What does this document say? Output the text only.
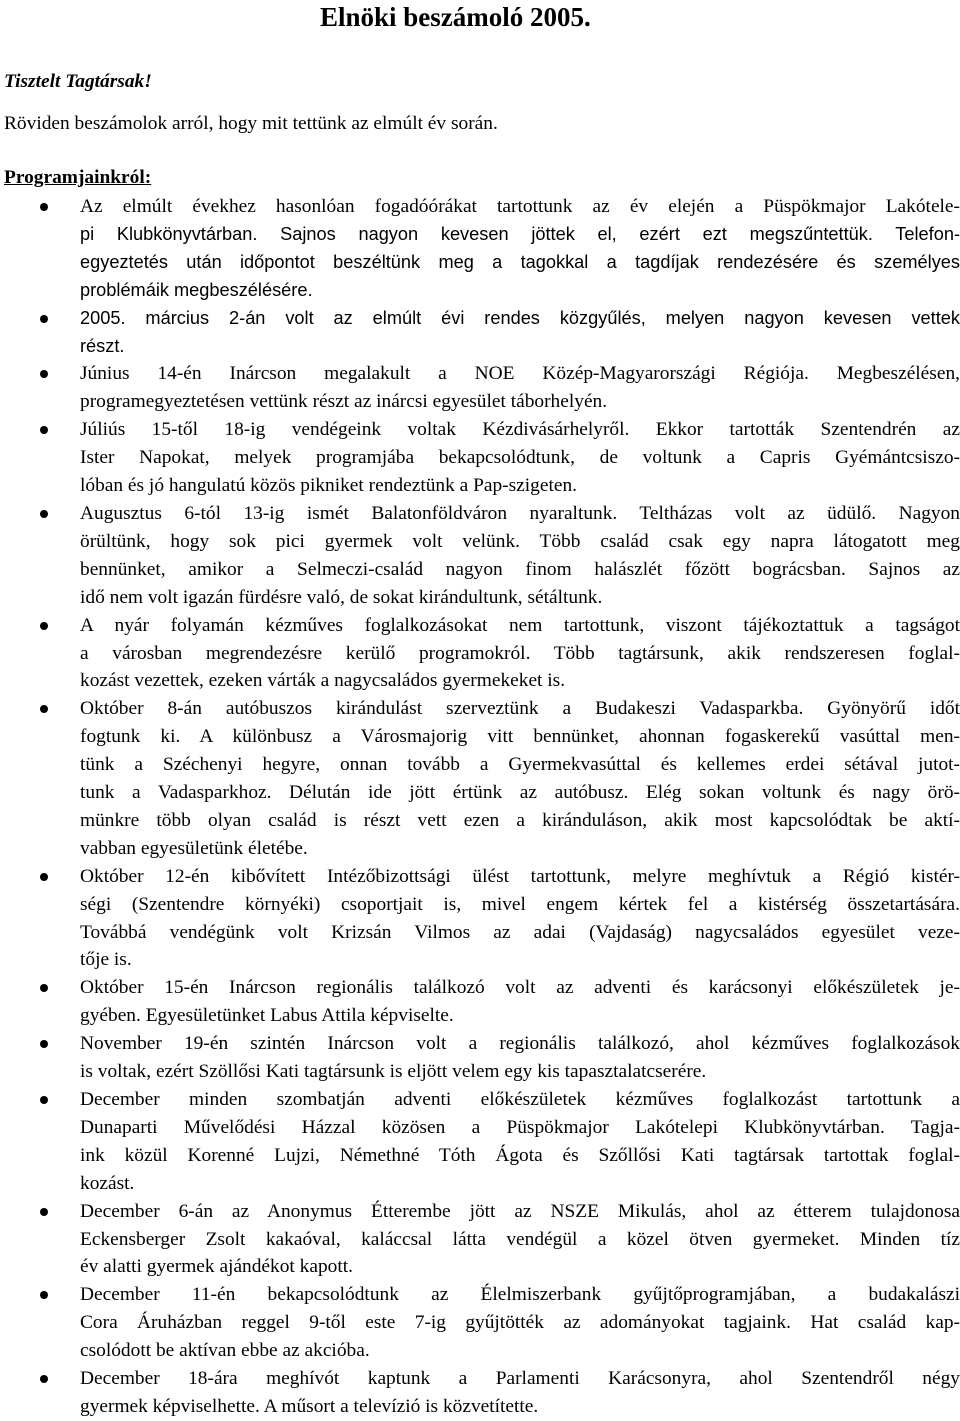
Elnöki beszámoló 2005.
Tisztelt Tagtársak!
Röviden beszámolok arról, hogy mit tettünk az elmúlt év során.
Programjainkról:
Az elmúlt évekhez hasonlóan fogadóórákat tartottunk az év elején a Püspökmajor Lakótele-
pi Klubkönyvtárban. Sajnos nagyon kevesen jöttek el, ezért ezt megszűntettük. Telefon-
egyeztetés után időpontot beszéltünk meg a tagokkal a tagdíjak rendezésére és személyes
problémáik megbeszélésére.
2005. március 2-án volt az elmúlt évi rendes közgyűlés, melyen nagyon kevesen vettek
részt.
Június 14-én Inárcson megalakult a NOE Közép-Magyarországi Régiója. Megbeszélésen,
programegyeztetésen vettünk részt az inárcsi egyesület táborhelyén.
Júliús 15-től 18-ig vendégeink voltak Kézdivásárhelyről. Ekkor tartották Szentendrén az
Ister Napokat, melyek programjába bekapcsolódtunk, de voltunk a Capris Gyémántcsiszo-
lóban és jó hangulatú közös pikniket rendeztünk a Pap-szigeten.
Augusztus 6-tól 13-ig ismét Balatonföldváron nyaraltunk. Teltházas volt az üdülő. Nagyon
örültünk, hogy sok pici gyermek volt velünk. Több család csak egy napra látogatott meg
bennünket, amikor a Selmeczi-család nagyon finom halászlét főzött bográcsban. Sajnos az
idő nem volt igazán fürdésre való, de sokat kirándultunk, sétáltunk.
A nyár folyamán kézműves foglalkozásokat nem tartottunk, viszont tájékoztattuk a tagságot
a városban megrendezésre kerülő programokról. Több tagtársunk, akik rendszeresen foglal-
kozást vezettek, ezeken várták a nagycsaládos gyermekeket is.
Október 8-án autóbuszos kirándulást szerveztünk a Budakeszi Vadasparkba. Gyönyörű időt
fogtunk ki. A különbusz a Városmajorig vitt bennünket, ahonnan fogaskerekű vasúttal men-
tünk a Széchenyi hegyre, onnan tovább a Gyermekvasúttal és kellemes erdei sétával jutot-
tunk a Vadasparkhoz. Délután ide jött értünk az autóbusz. Elég sokan voltunk és nagy örö-
münkre több olyan család is részt vett ezen a kiránduláson, akik most kapcsolódtak be aktí-
vabban egyesületünk életébe.
Október 12-én kibővített Intézőbizottsági ülést tartottunk, melyre meghívtuk a Régió kistér-
ségi (Szentendre környéki) csoportjait is, mivel engem kértek fel a kistérség összetartására.
Továbbá vendégünk volt Krizsán Vilmos az adai (Vajdaság) nagycsaládos egyesület veze-
tője is.
Október 15-én Inárcson regionális találkozó volt az adventi és karácsonyi előkészületek je-
gyében. Egyesületünket Labus Attila képviselte.
November 19-én szintén Inárcson volt a regionális találkozó, ahol kézműves foglalkozások
is voltak, ezért Szöllősi Kati tagtársunk is eljött velem egy kis tapasztalatcserére.
December minden szombatján adventi előkészületek kézműves foglalkozást tartottunk a
Dunaparti Művelődési Házzal közösen a Püspökmajor Lakótelepi Klubkönyvtárban. Tagja-
ink közül Korenné Lujzi, Némethné Tóth Ágota és Szőllősi Kati tagtársak tartottak foglal-
kozást.
December 6-án az Anonymus Étterembe jött az NSZE Mikulás, ahol az étterem tulajdonosa
Eckensberger Zsolt kakaóval, kaláccsal látta vendégül a közel ötven gyermeket. Minden tíz
év alatti gyermek ajándékot kapott.
December 11-én bekapcsolódtunk az Élelmiszerbank gyűjtőprogramjában, a budakalászi
Cora Áruházban reggel 9-től este 7-ig gyűjtötték az adományokat tagjaink. Hat család kap-
csolódott be aktívan ebbe az akcióba.
December 18-ára meghívót kaptunk a Parlamenti Karácsonyra, ahol Szentendről négy
gyermek képviselhette. A műsort a televízió is közvetítette.
